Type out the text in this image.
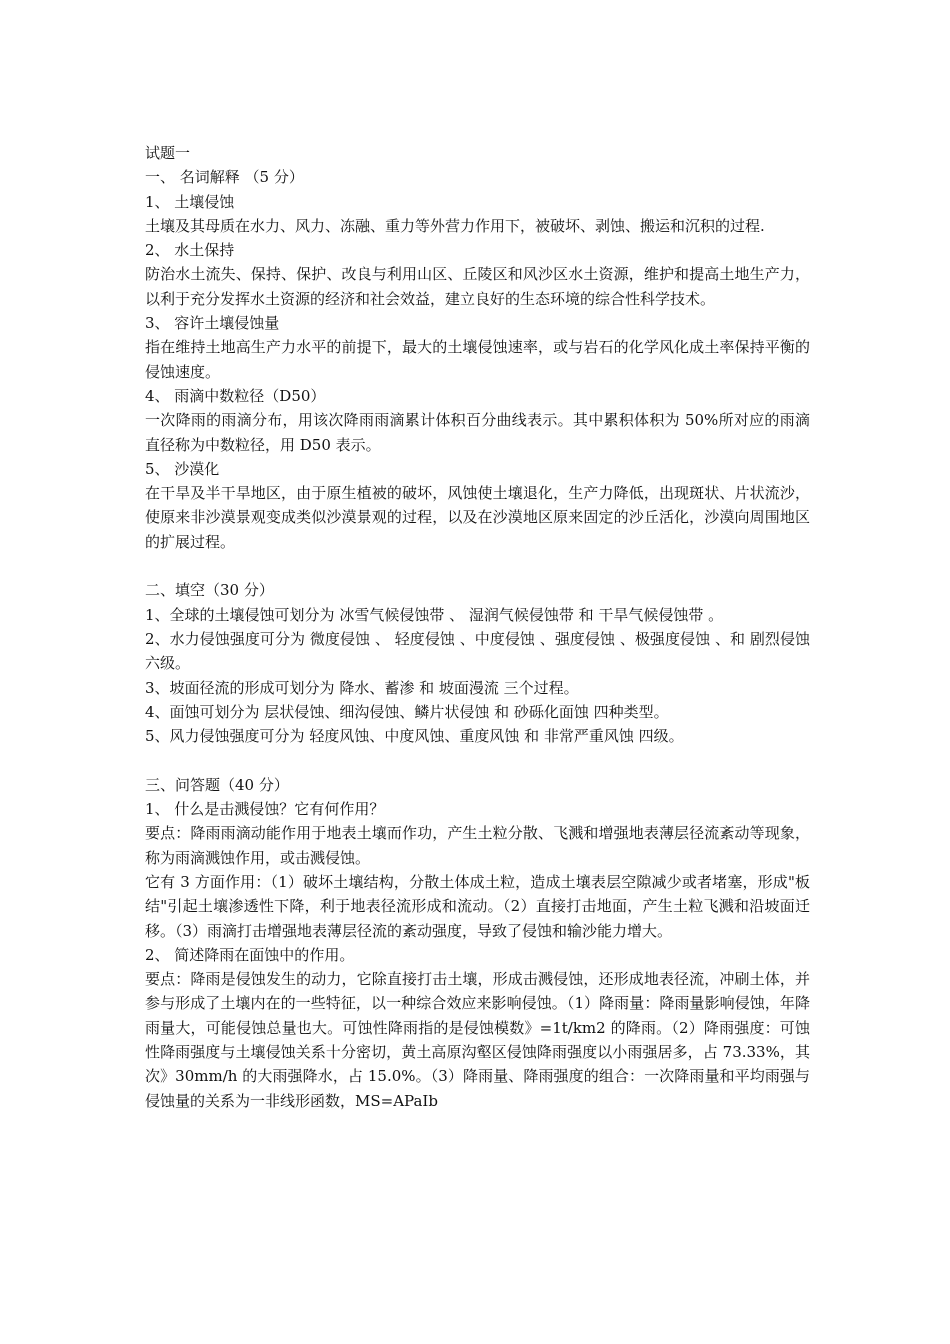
试题一
一、 名词解释 （5 分）
1、 土壤侵蚀
土壤及其母质在水力、风力、冻融、重力等外营力作用下，被破坏、剥蚀、搬运和沉积的过程.
2、 水土保持
防治水土流失、保持、保护、改良与利用山区、丘陵区和风沙区水土资源，维护和提高土地生产力，以利于充分发挥水土资源的经济和社会效益，建立良好的生态环境的综合性科学技术。
3、 容许土壤侵蚀量
指在维持土地高生产力水平的前提下，最大的土壤侵蚀速率，或与岩石的化学风化成土率保持平衡的侵蚀速度。
4、 雨滴中数粒径（D50）
一次降雨的雨滴分布，用该次降雨雨滴累计体积百分曲线表示。其中累积体积为 50%所对应的雨滴直径称为中数粒径，用 D50 表示。
5、 沙漠化
在干旱及半干旱地区，由于原生植被的破坏，风蚀使土壤退化，生产力降低，出现斑状、片状流沙，使原来非沙漠景观变成类似沙漠景观的过程，以及在沙漠地区原来固定的沙丘活化，沙漠向周围地区的扩展过程。
二、填空（30 分）
1、全球的土壤侵蚀可划分为 冰雪气候侵蚀带 、 湿润气候侵蚀带 和 干旱气候侵蚀带 。
2、水力侵蚀强度可分为 微度侵蚀 、 轻度侵蚀 、中度侵蚀 、强度侵蚀 、极强度侵蚀 、和 剧烈侵蚀 六级。
3、坡面径流的形成可划分为 降水、蓄渗 和 坡面漫流 三个过程。
4、面蚀可划分为 层状侵蚀、细沟侵蚀、鳞片状侵蚀 和 砂砾化面蚀 四种类型。
5、风力侵蚀强度可分为 轻度风蚀、中度风蚀、重度风蚀 和 非常严重风蚀 四级。
三、问答题（40 分）
1、 什么是击溅侵蚀？它有何作用？
要点：降雨雨滴动能作用于地表土壤而作功，产生土粒分散、飞溅和增强地表薄层径流紊动等现象，称为雨滴溅蚀作用，或击溅侵蚀。
它有 3 方面作用：（1）破坏土壤结构，分散土体成土粒，造成土壤表层空隙减少或者堵塞，形成"板结"引起土壤渗透性下降，利于地表径流形成和流动。（2）直接打击地面，产生土粒飞溅和沿坡面迁移。（3）雨滴打击增强地表薄层径流的紊动强度，导致了侵蚀和输沙能力增大。
2、 简述降雨在面蚀中的作用。
要点：降雨是侵蚀发生的动力，它除直接打击土壤，形成击溅侵蚀，还形成地表径流，冲刷土体，并参与形成了土壤内在的一些特征，以一种综合效应来影响侵蚀。（1）降雨量：降雨量影响侵蚀，年降雨量大，可能侵蚀总量也大。可蚀性降雨指的是侵蚀模数》=1t/km2 的降雨。（2）降雨强度：可蚀性降雨强度与土壤侵蚀关系十分密切，黄土高原沟壑区侵蚀降雨强度以小雨强居多，占 73.33%，其次》30mm/h 的大雨强降水，占 15.0%。（3）降雨量、降雨强度的组合：一次降雨量和平均雨强与侵蚀量的关系为一非线形函数，MS=APaIb
